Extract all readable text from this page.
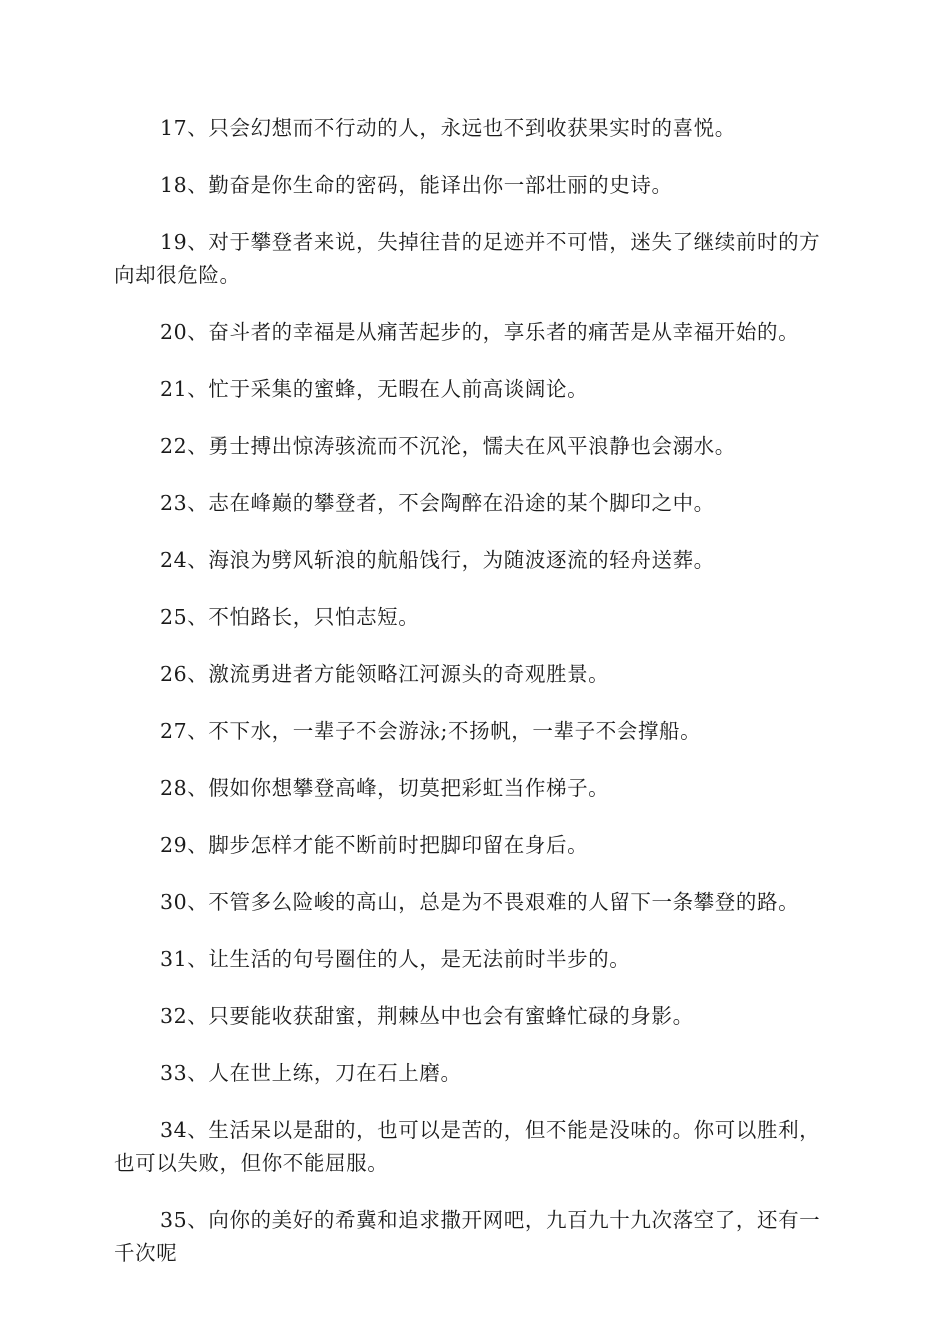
17、只会幻想而不行动的人，永远也不到收获果实时的喜悦。

18、勤奋是你生命的密码，能译出你一部壮丽的史诗。

19、对于攀登者来说，失掉往昔的足迹并不可惜，迷失了继续前时的方向却很危险。

20、奋斗者的幸福是从痛苦起步的，享乐者的痛苦是从幸福开始的。

21、忙于采集的蜜蜂，无暇在人前高谈阔论。

22、勇士搏出惊涛骇流而不沉沦，懦夫在风平浪静也会溺水。

23、志在峰巅的攀登者，不会陶醉在沿途的某个脚印之中。

24、海浪为劈风斩浪的航船饯行，为随波逐流的轻舟送葬。

25、不怕路长，只怕志短。

26、激流勇进者方能领略江河源头的奇观胜景。

27、不下水，一辈子不会游泳;不扬帆，一辈子不会撑船。

28、假如你想攀登高峰，切莫把彩虹当作梯子。

29、脚步怎样才能不断前时把脚印留在身后。

30、不管多么险峻的高山，总是为不畏艰难的人留下一条攀登的路。

31、让生活的句号圈住的人，是无法前时半步的。

32、只要能收获甜蜜，荆棘丛中也会有蜜蜂忙碌的身影。

33、人在世上练，刀在石上磨。

34、生活呆以是甜的，也可以是苦的，但不能是没味的。你可以胜利，也可以失败，但你不能屈服。

35、向你的美好的希冀和追求撒开网吧，九百九十九次落空了，还有一千次呢
